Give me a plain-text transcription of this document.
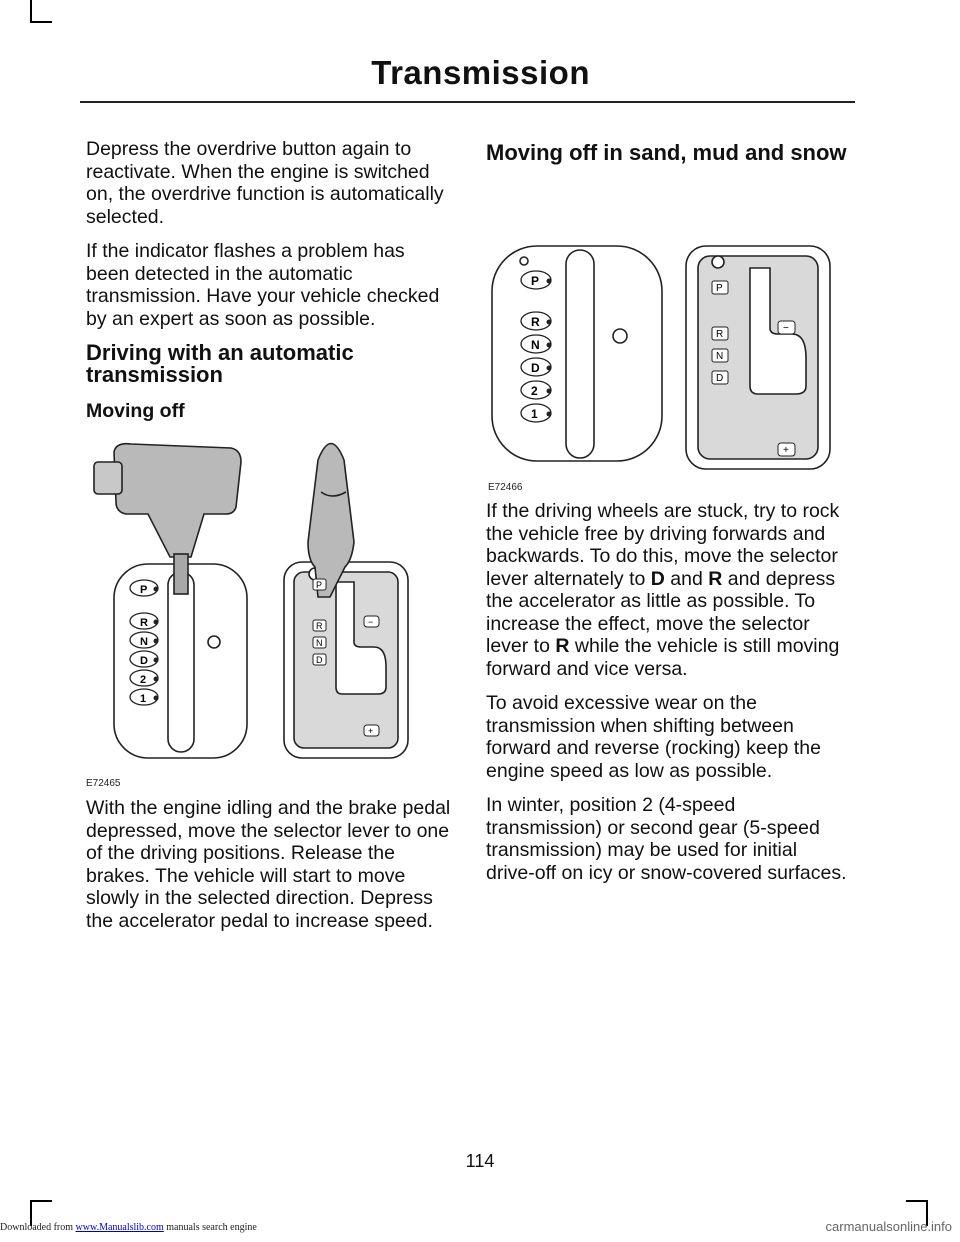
Transmission

Depress the overdrive button again to reactivate. When the engine is switched on, the overdrive function is automatically selected.

If the indicator flashes a problem has been detected in the automatic transmission. Have your vehicle checked by an expert as soon as possible.

Driving with an automatic transmission
Moving off
P
R
N
D
2
1
P
R
N
D
−
+
E72465

With the engine idling and the brake pedal depressed, move the selector lever to one of the driving positions. Release the brakes. The vehicle will start to move slowly in the selected direction. Depress the accelerator pedal to increase speed.

Moving off in sand, mud and snow
P
R
N
D
2
1
P
R
N
D
−
+
E72466

If the driving wheels are stuck, try to rock the vehicle free by driving forwards and backwards. To do this, move the selector lever alternately to D and R and depress the accelerator as little as possible. To increase the effect, move the selector lever to R while the vehicle is still moving forward and vice versa.

To avoid excessive wear on the transmission when shifting between forward and reverse (rocking) keep the engine speed as low as possible.

In winter, position 2 (4-speed transmission) or second gear (5-speed transmission) may be used for initial drive-off on icy or snow-covered surfaces.

114
Downloaded from www.Manualslib.com manuals search engine	carmanualsonline.info
